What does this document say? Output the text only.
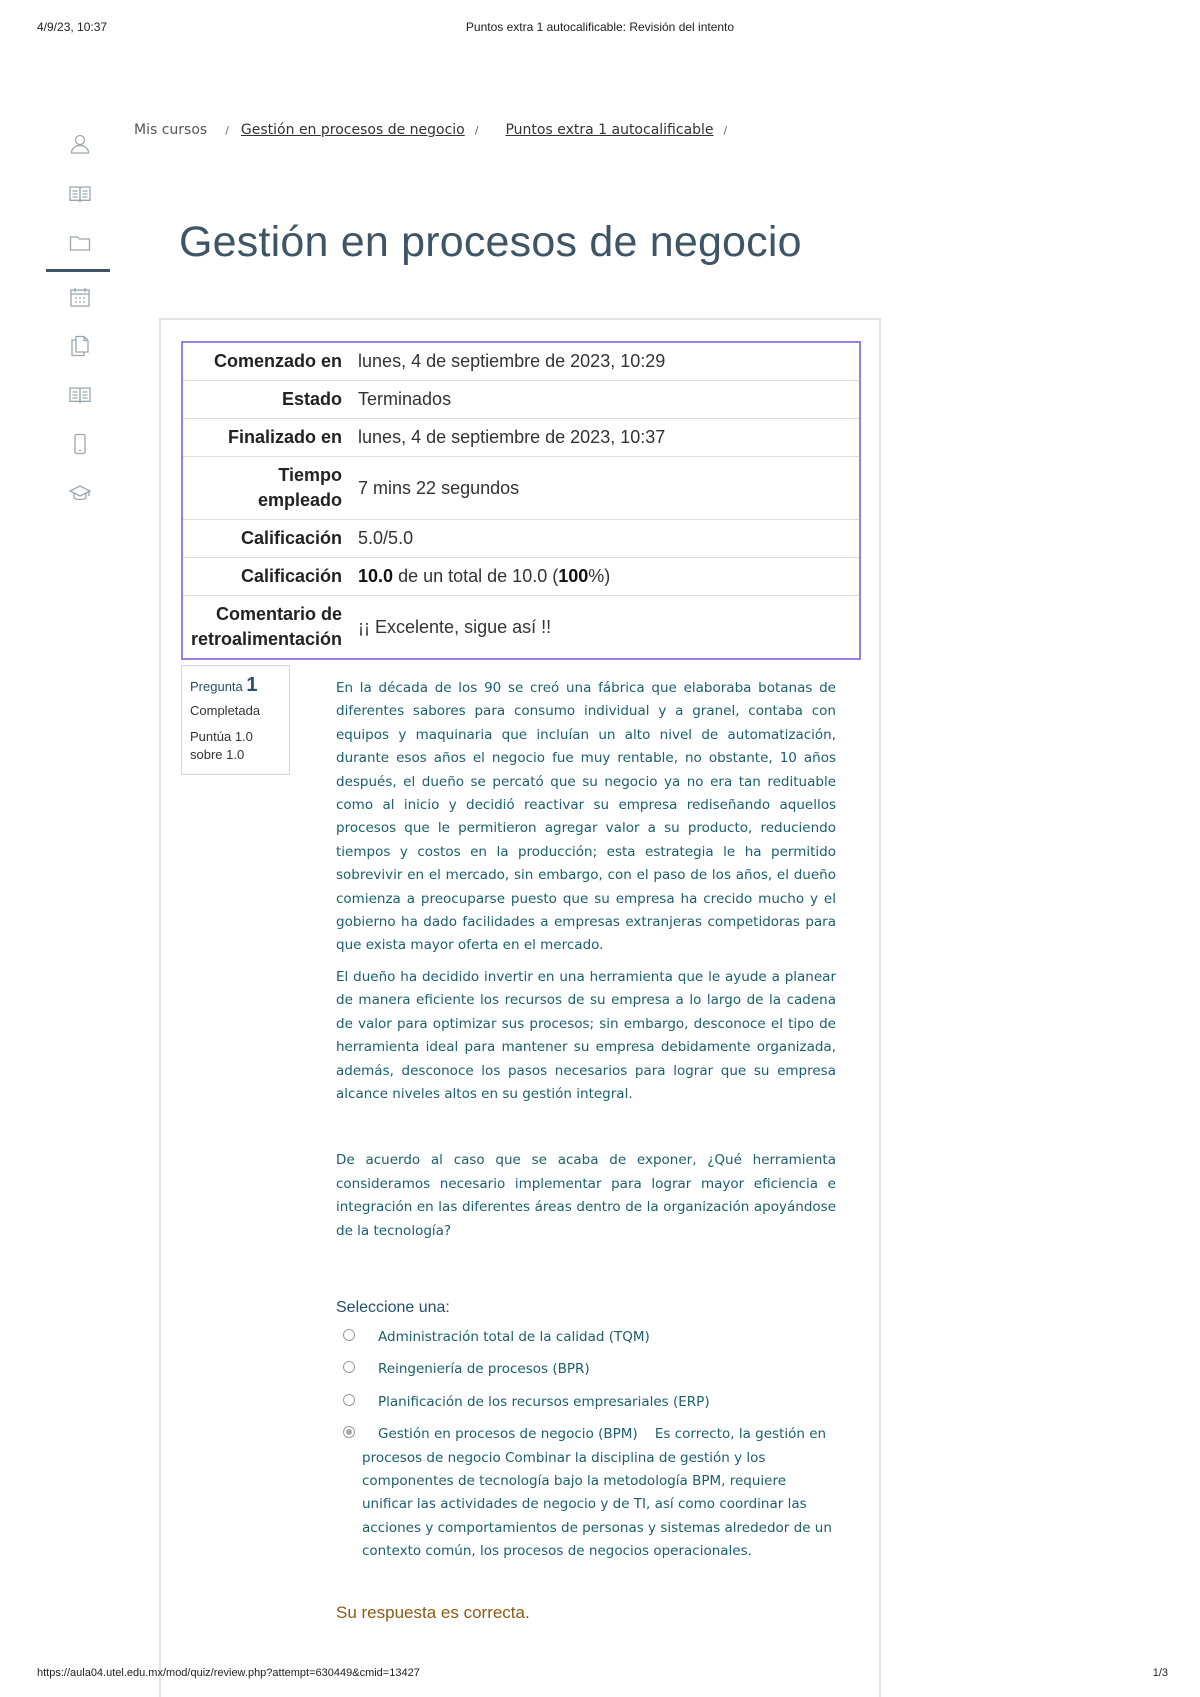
4/9/23, 10:37	Puntos extra 1 autocalificable: Revisión del intento
Mis cursos / Gestión en procesos de negocio / Puntos extra 1 autocalificable /
Gestión en procesos de negocio
Comenzado en	lunes, 4 de septiembre de 2023, 10:29
Estado	Terminados
Finalizado en	lunes, 4 de septiembre de 2023, 10:37
Tiempo empleado	7 mins 22 segundos
Calificación	5.0/5.0
Calificación	10.0 de un total de 10.0 (100%)
Comentario de retroalimentación	¡¡ Excelente, sigue así !!
Pregunta 1
Completada
Puntúa 1.0 sobre 1.0

En la década de los 90 se creó una fábrica que elaboraba botanas de diferentes sabores para consumo individual y a granel, contaba con equipos y maquinaria que incluían un alto nivel de automatización, durante esos años el negocio fue muy rentable, no obstante, 10 años después, el dueño se percató que su negocio ya no era tan redituable como al inicio y decidió reactivar su empresa rediseñando aquellos procesos que le permitieron agregar valor a su producto, reduciendo tiempos y costos en la producción; esta estrategia le ha permitido sobrevivir en el mercado, sin embargo, con el paso de los años, el dueño comienza a preocuparse puesto que su empresa ha crecido mucho y el gobierno ha dado facilidades a empresas extranjeras competidoras para que exista mayor oferta en el mercado.

El dueño ha decidido invertir en una herramienta que le ayude a planear de manera eficiente los recursos de su empresa a lo largo de la cadena de valor para optimizar sus procesos; sin embargo, desconoce el tipo de herramienta ideal para mantener su empresa debidamente organizada, además, desconoce los pasos necesarios para lograr que su empresa alcance niveles altos en su gestión integral.

De acuerdo al caso que se acaba de exponer, ¿Qué herramienta consideramos necesario implementar para lograr mayor eficiencia e integración en las diferentes áreas dentro de la organización apoyándose de la tecnología?

Seleccione una:
Administración total de la calidad (TQM)
Reingeniería de procesos (BPR)
Planificación de los recursos empresariales (ERP)
Gestión en procesos de negocio (BPM) Es correcto, la gestión en procesos de negocio Combinar la disciplina de gestión y los componentes de tecnología bajo la metodología BPM, requiere unificar las actividades de negocio y de TI, así como coordinar las acciones y comportamientos de personas y sistemas alrededor de un contexto común, los procesos de negocios operacionales.
Su respuesta es correcta.
https://aula04.utel.edu.mx/mod/quiz/review.php?attempt=630449&cmid=13427	1/3
